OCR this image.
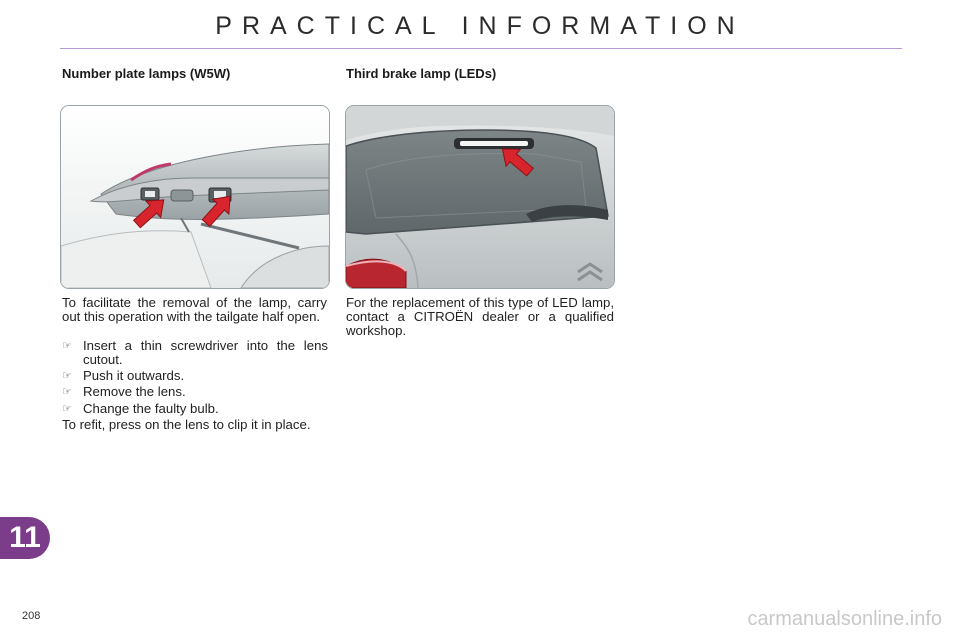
PRACTICAL INFORMATION
Number plate lamps (W5W)
To facilitate the removal of the lamp, carry out this operation with the tailgate half open.
☞ Insert a thin screwdriver into the lens cutout.
☞ Push it outwards.
☞ Remove the lens.
☞ Change the faulty bulb.
To refit, press on the lens to clip it in place.
Third brake lamp (LEDs)
For the replacement of this type of LED lamp, contact a CITROËN dealer or a qualified workshop.
11
208	carmanualsonline.info
